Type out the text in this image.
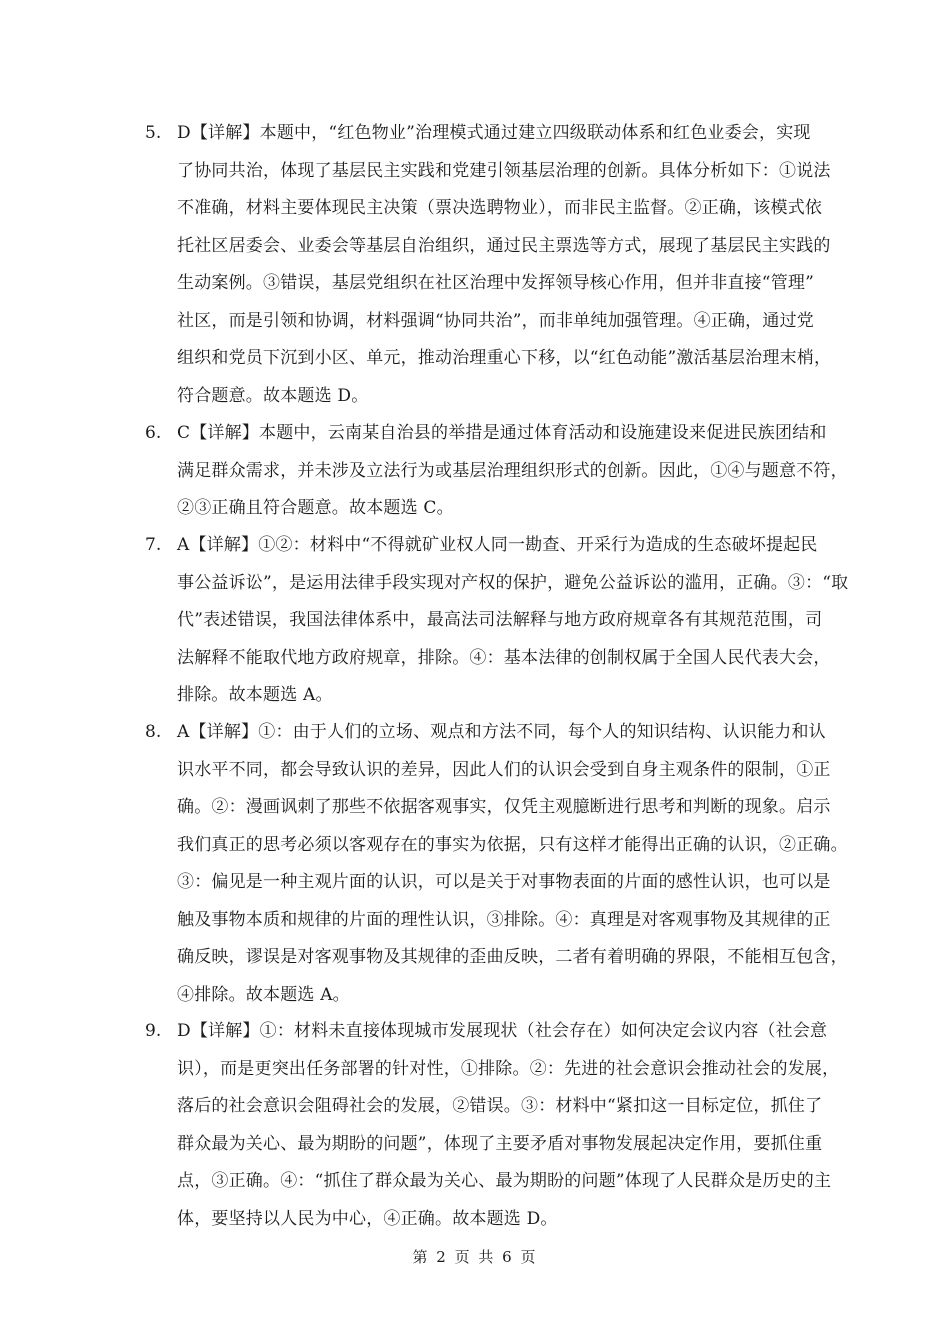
5. D【详解】本题中，“红色物业”治理模式通过建立四级联动体系和红色业委会，实现
了协同共治，体现了基层民主实践和党建引领基层治理的创新。具体分析如下：①说法
不准确，材料主要体现民主决策（票决选聘物业），而非民主监督。②正确，该模式依
托社区居委会、业委会等基层自治组织，通过民主票选等方式，展现了基层民主实践的
生动案例。③错误，基层党组织在社区治理中发挥领导核心作用，但并非直接“管理”
社区，而是引领和协调，材料强调“协同共治”，而非单纯加强管理。④正确，通过党
组织和党员下沉到小区、单元，推动治理重心下移，以“红色动能”激活基层治理末梢，
符合题意。故本题选 D。
6. C【详解】本题中，云南某自治县的举措是通过体育活动和设施建设来促进民族团结和
满足群众需求，并未涉及立法行为或基层治理组织形式的创新。因此，①④与题意不符，
②③正确且符合题意。故本题选 C。
7. A【详解】①②：材料中“不得就矿业权人同一勘查、开采行为造成的生态破坏提起民
事公益诉讼”，是运用法律手段实现对产权的保护，避免公益诉讼的滥用，正确。③：“取
代”表述错误，我国法律体系中，最高法司法解释与地方政府规章各有其规范范围，司
法解释不能取代地方政府规章，排除。④：基本法律的创制权属于全国人民代表大会，
排除。故本题选 A。
8. A【详解】①：由于人们的立场、观点和方法不同，每个人的知识结构、认识能力和认
识水平不同，都会导致认识的差异，因此人们的认识会受到自身主观条件的限制，①正
确。②：漫画讽刺了那些不依据客观事实，仅凭主观臆断进行思考和判断的现象。启示
我们真正的思考必须以客观存在的事实为依据，只有这样才能得出正确的认识，②正确。
③：偏见是一种主观片面的认识，可以是关于对事物表面的片面的感性认识，也可以是
触及事物本质和规律的片面的理性认识，③排除。④：真理是对客观事物及其规律的正
确反映，谬误是对客观事物及其规律的歪曲反映，二者有着明确的界限，不能相互包含，
④排除。故本题选 A。
9. D【详解】①：材料未直接体现城市发展现状（社会存在）如何决定会议内容（社会意
识），而是更突出任务部署的针对性，①排除。②：先进的社会意识会推动社会的发展，
落后的社会意识会阻碍社会的发展，②错误。③：材料中“紧扣这一目标定位，抓住了
群众最为关心、最为期盼的问题”，体现了主要矛盾对事物发展起决定作用，要抓住重
点，③正确。④：“抓住了群众最为关心、最为期盼的问题”体现了人民群众是历史的主
体，要坚持以人民为中心，④正确。故本题选 D。
第 2 页 共 6 页
